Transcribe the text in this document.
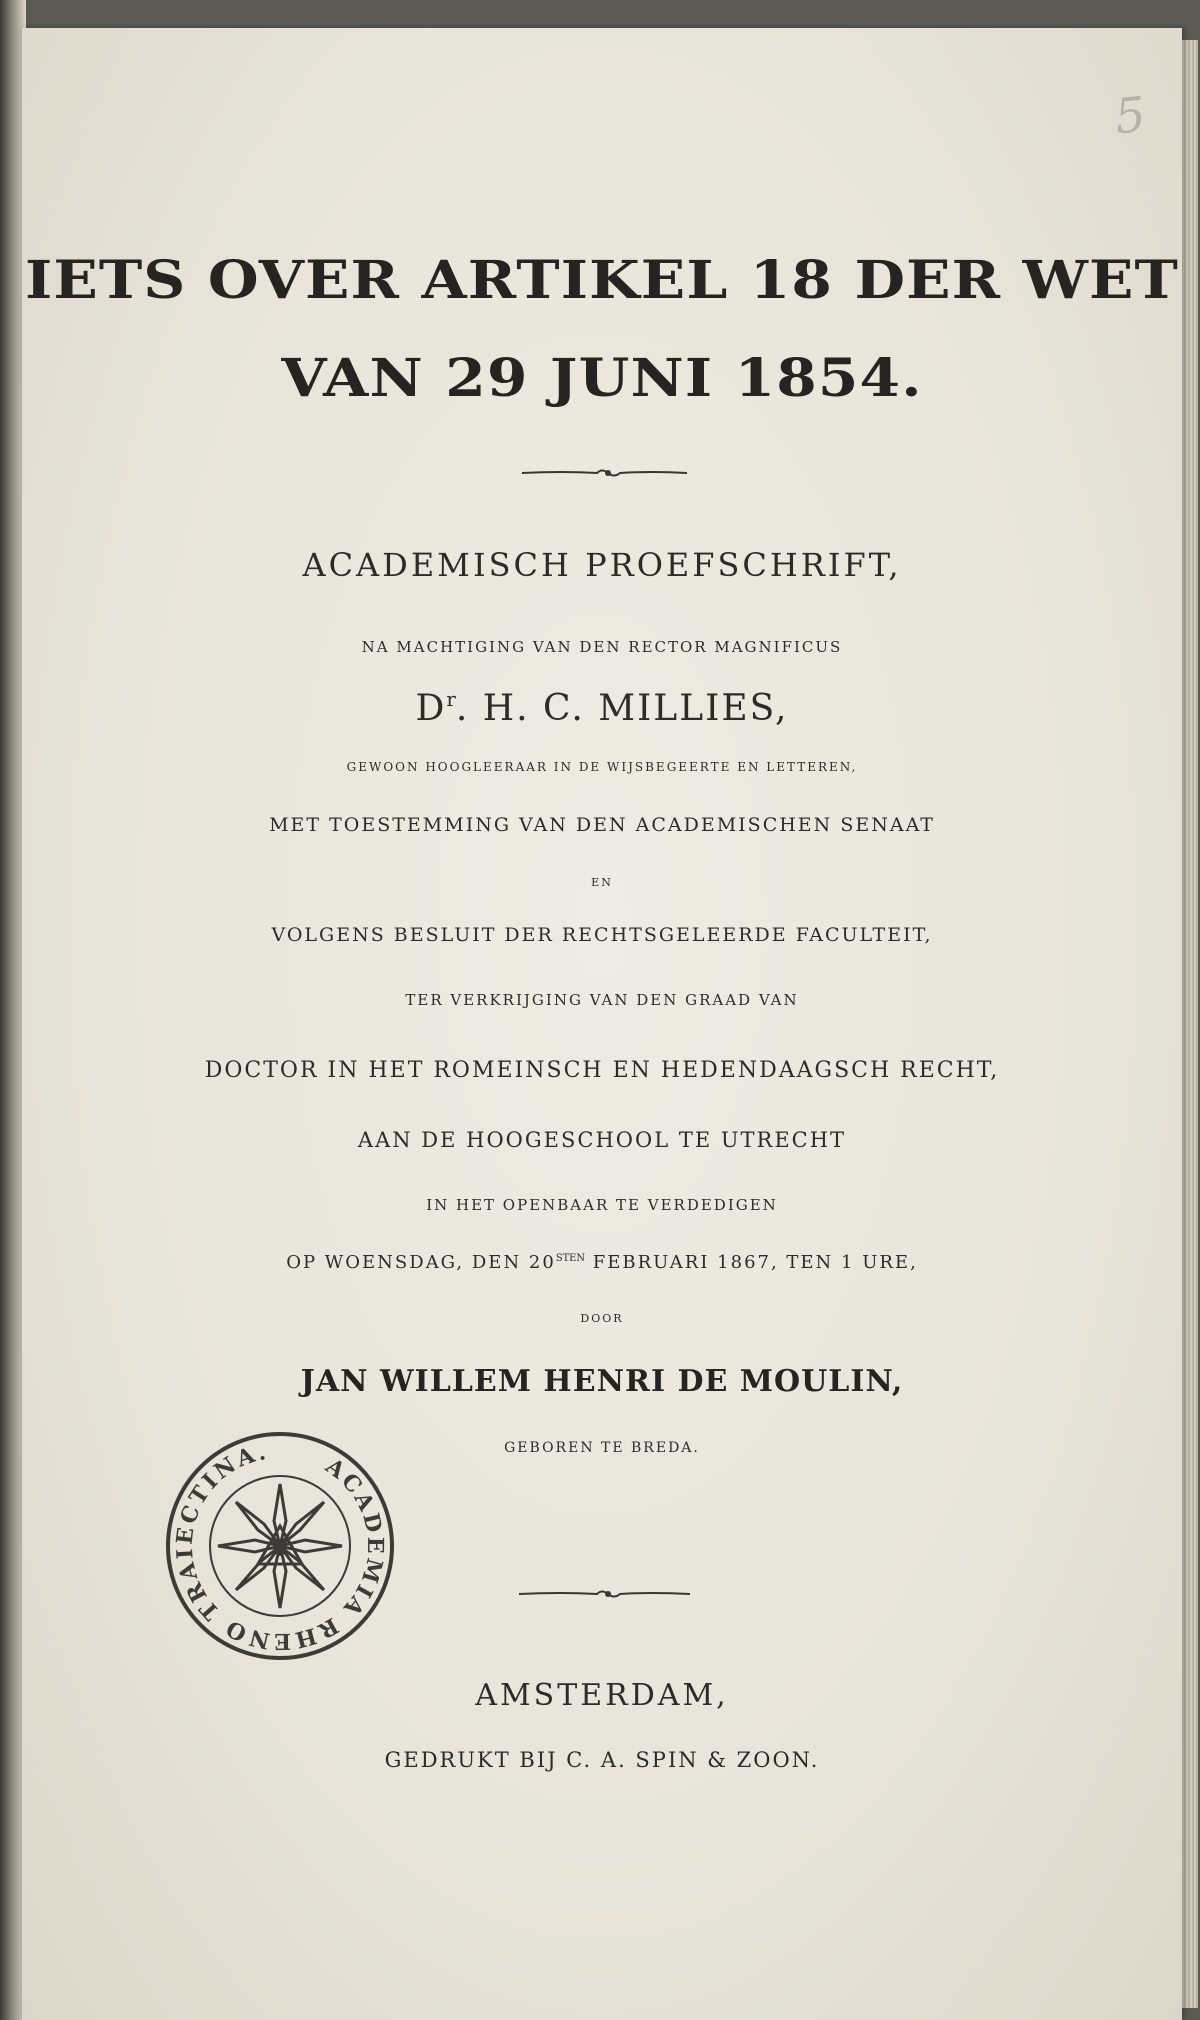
5
IETS OVER ARTIKEL 18 DER WET
VAN 29 JUNI 1854.
ACADEMISCH PROEFSCHRIFT,
NA MACHTIGING VAN DEN RECTOR MAGNIFICUS
$D^r$. H. C. MILLIES,
GEWOON HOOGLEERAAR IN DE WIJSBEGEERTE EN LETTEREN,
MET TOESTEMMING VAN DEN ACADEMISCHEN SENAAT
EN
VOLGENS BESLUIT DER RECHTSGELEERDE FACULTEIT,
TER VERKRIJGING VAN DEN GRAAD VAN
DOCTOR IN HET ROMEINSCH EN HEDENDAAGSCH RECHT,
AAN DE HOOGESCHOOL TE UTRECHT
IN HET OPENBAAR TE VERDEDIGEN
OP WOENSDAG, DEN $20^{STEN}$ FEBRUARI 1867, TEN 1 URE,
DOOR
JAN WILLEM HENRI DE MOULIN,
GEBOREN TE BREDA.
ACADEMIA RHENO TRAIECTINA.
AMSTERDAM,
GEDRUKT BIJ C. A. SPIN & ZOON.
